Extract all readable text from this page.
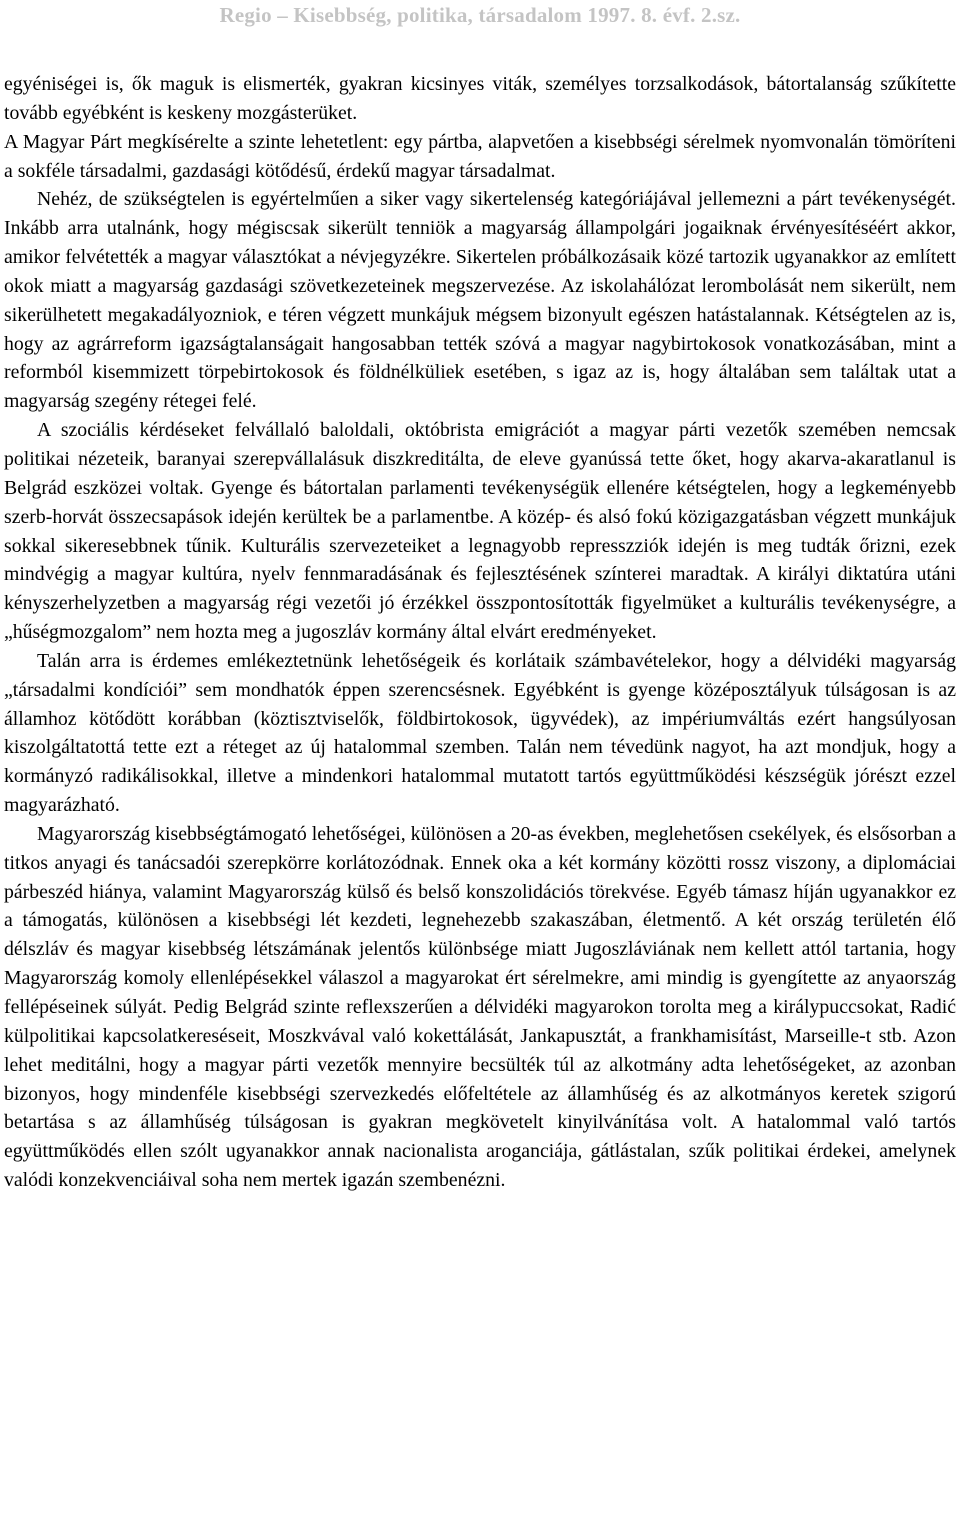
Regio – Kisebbség, politika, társadalom 1997. 8. évf. 2.sz.

egyéniségei is, ők maguk is elismerték, gyakran kicsinyes viták, személyes torzsalkodások, bátortalanság szűkítette tovább egyébként is keskeny mozgásterüket.

A Magyar Párt megkísérelte a szinte lehetetlent: egy pártba, alapvetően a kisebbségi sérelmek nyomvonalán tömöríteni a sokféle társadalmi, gazdasági kötődésű, érdekű magyar társadalmat.

Nehéz, de szükségtelen is egyértelműen a siker vagy sikertelenség kategóriájával jellemezni a párt tevékenységét. Inkább arra utalnánk, hogy mégiscsak sikerült tenniök a magyarság állampolgári jogaiknak érvényesítéséért akkor, amikor felvétették a magyar választókat a névjegyzékre. Sikertelen próbálkozásaik közé tartozik ugyanakkor az említett okok miatt a magyarság gazdasági szövetkezeteinek megszervezése. Az iskolahálózat lerombolását nem sikerült, nem sikerülhetett megakadályozniok, e téren végzett munkájuk mégsem bizonyult egészen hatástalannak. Kétségtelen az is, hogy az agrárreform igazságtalanságait hangosabban tették szóvá a magyar nagybirtokosok vonatkozásában, mint a reformból kisemmizett törpebirtokosok és földnélküliek esetében, s igaz az is, hogy általában sem találtak utat a magyarság szegény rétegei felé.

A szociális kérdéseket felvállaló baloldali, októbrista emigrációt a magyar párti vezetők szemében nemcsak politikai nézeteik, baranyai szerepvállalásuk diszkreditálta, de eleve gyanússá tette őket, hogy akarva-akaratlanul is Belgrád eszközei voltak. Gyenge és bátortalan parlamenti tevékenységük ellenére kétségtelen, hogy a legkeményebb szerb-horvát összecsapások idején kerültek be a parlamentbe. A közép- és alsó fokú közigazgatásban végzett munkájuk sokkal sikeresebbnek tűnik. Kulturális szervezeteiket a legnagyobb represszziók idején is meg tudták őrizni, ezek mindvégig a magyar kultúra, nyelv fennmaradásának és fejlesztésének színterei maradtak. A királyi diktatúra utáni kényszerhelyzetben a magyarság régi vezetői jó érzékkel összpontosították figyelmüket a kulturális tevékenységre, a „hűségmozgalom” nem hozta meg a jugoszláv kormány által elvárt eredményeket.

Talán arra is érdemes emlékeztetnünk lehetőségeik és korlátaik számbavételekor, hogy a délvidéki magyarság „társadalmi kondíciói” sem mondhatók éppen szerencsésnek. Egyébként is gyenge középosztályuk túlságosan is az államhoz kötődött korábban (köztisztviselők, földbirtokosok, ügyvédek), az impériumváltás ezért hangsúlyosan kiszolgáltatottá tette ezt a réteget az új hatalommal szemben. Talán nem tévedünk nagyot, ha azt mondjuk, hogy a kormányzó radikálisokkal, illetve a mindenkori hatalommal mutatott tartós együttműködési készségük jórészt ezzel magyarázható.

Magyarország kisebbségtámogató lehetőségei, különösen a 20-as években, meglehetősen csekélyek, és elsősorban a titkos anyagi és tanácsadói szerepkörre korlátozódnak. Ennek oka a két kormány közötti rossz viszony, a diplomáciai párbeszéd hiánya, valamint Magyarország külső és belső konszolidációs törekvése. Egyéb támasz híján ugyanakkor ez a támogatás, különösen a kisebbségi lét kezdeti, legnehezebb szakaszában, életmentő. A két ország területén élő délszláv és magyar kisebbség létszámának jelentős különbsége miatt Jugoszláviának nem kellett attól tartania, hogy Magyarország komoly ellenlépésekkel válaszol a magyarokat ért sérelmekre, ami mindig is gyengítette az anyaország fellépéseinek súlyát. Pedig Belgrád szinte reflexszerűen a délvidéki magyarokon torolta meg a királypuccsokat, Radić külpolitikai kapcsolatkereséseit, Moszkvával való kokettálását, Jankapusztát, a frankhamisítást, Marseille-t stb. Azon lehet meditálni, hogy a magyar párti vezetők mennyire becsülték túl az alkotmány adta lehetőségeket, az azonban bizonyos, hogy mindenféle kisebbségi szervezkedés előfeltétele az államhűség és az alkotmányos keretek szigorú betartása s az államhűség túlságosan is gyakran megkövetelt kinyilvánítása volt. A hatalommal való tartós együttműködés ellen szólt ugyanakkor annak nacionalista aroganciája, gátlástalan, szűk politikai érdekei, amelynek valódi konzekvenciáival soha nem mertek igazán szembenézni.
